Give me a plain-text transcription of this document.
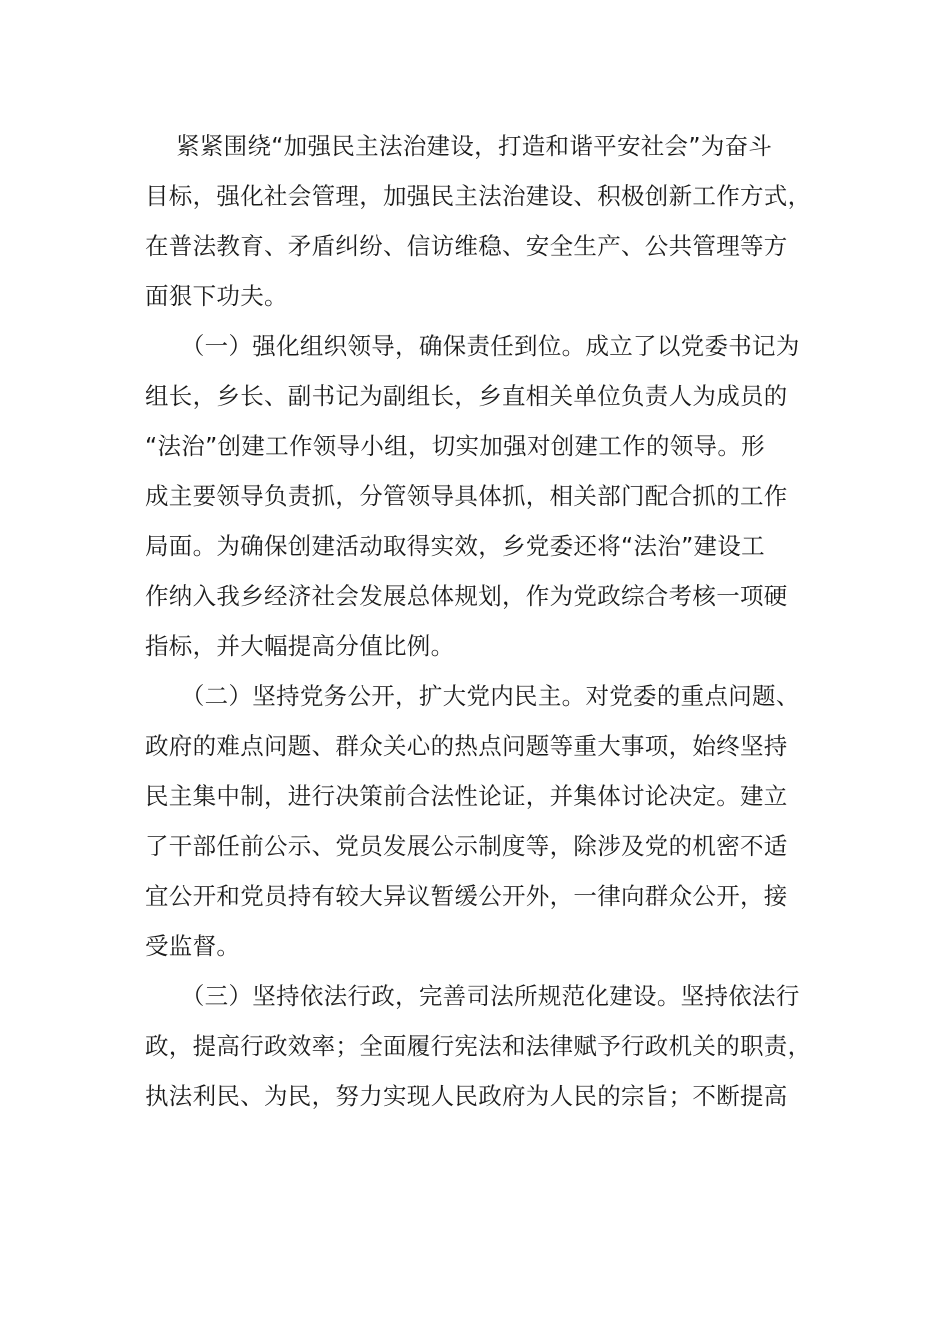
紧紧围绕“加强民主法治建设，打造和谐平安社会”为奋斗
目标，强化社会管理，加强民主法治建设、积极创新工作方式，
在普法教育、矛盾纠纷、信访维稳、安全生产、公共管理等方
面狠下功夫。

　　（一）强化组织领导，确保责任到位。成立了以党委书记为
组长，乡长、副书记为副组长，乡直相关单位负责人为成员的
“法治”创建工作领导小组，切实加强对创建工作的领导。形
成主要领导负责抓，分管领导具体抓，相关部门配合抓的工作
局面。为确保创建活动取得实效，乡党委还将“法治”建设工
作纳入我乡经济社会发展总体规划，作为党政综合考核一项硬
指标，并大幅提高分值比例。

　　（二）坚持党务公开，扩大党内民主。对党委的重点问题、
政府的难点问题、群众关心的热点问题等重大事项，始终坚持
民主集中制，进行决策前合法性论证，并集体讨论决定。建立
了干部任前公示、党员发展公示制度等，除涉及党的机密不适
宜公开和党员持有较大异议暂缓公开外，一律向群众公开，接
受监督。

　　（三）坚持依法行政，完善司法所规范化建设。坚持依法行
政，提高行政效率；全面履行宪法和法律赋予行政机关的职责，
执法利民、为民，努力实现人民政府为人民的宗旨；不断提高
